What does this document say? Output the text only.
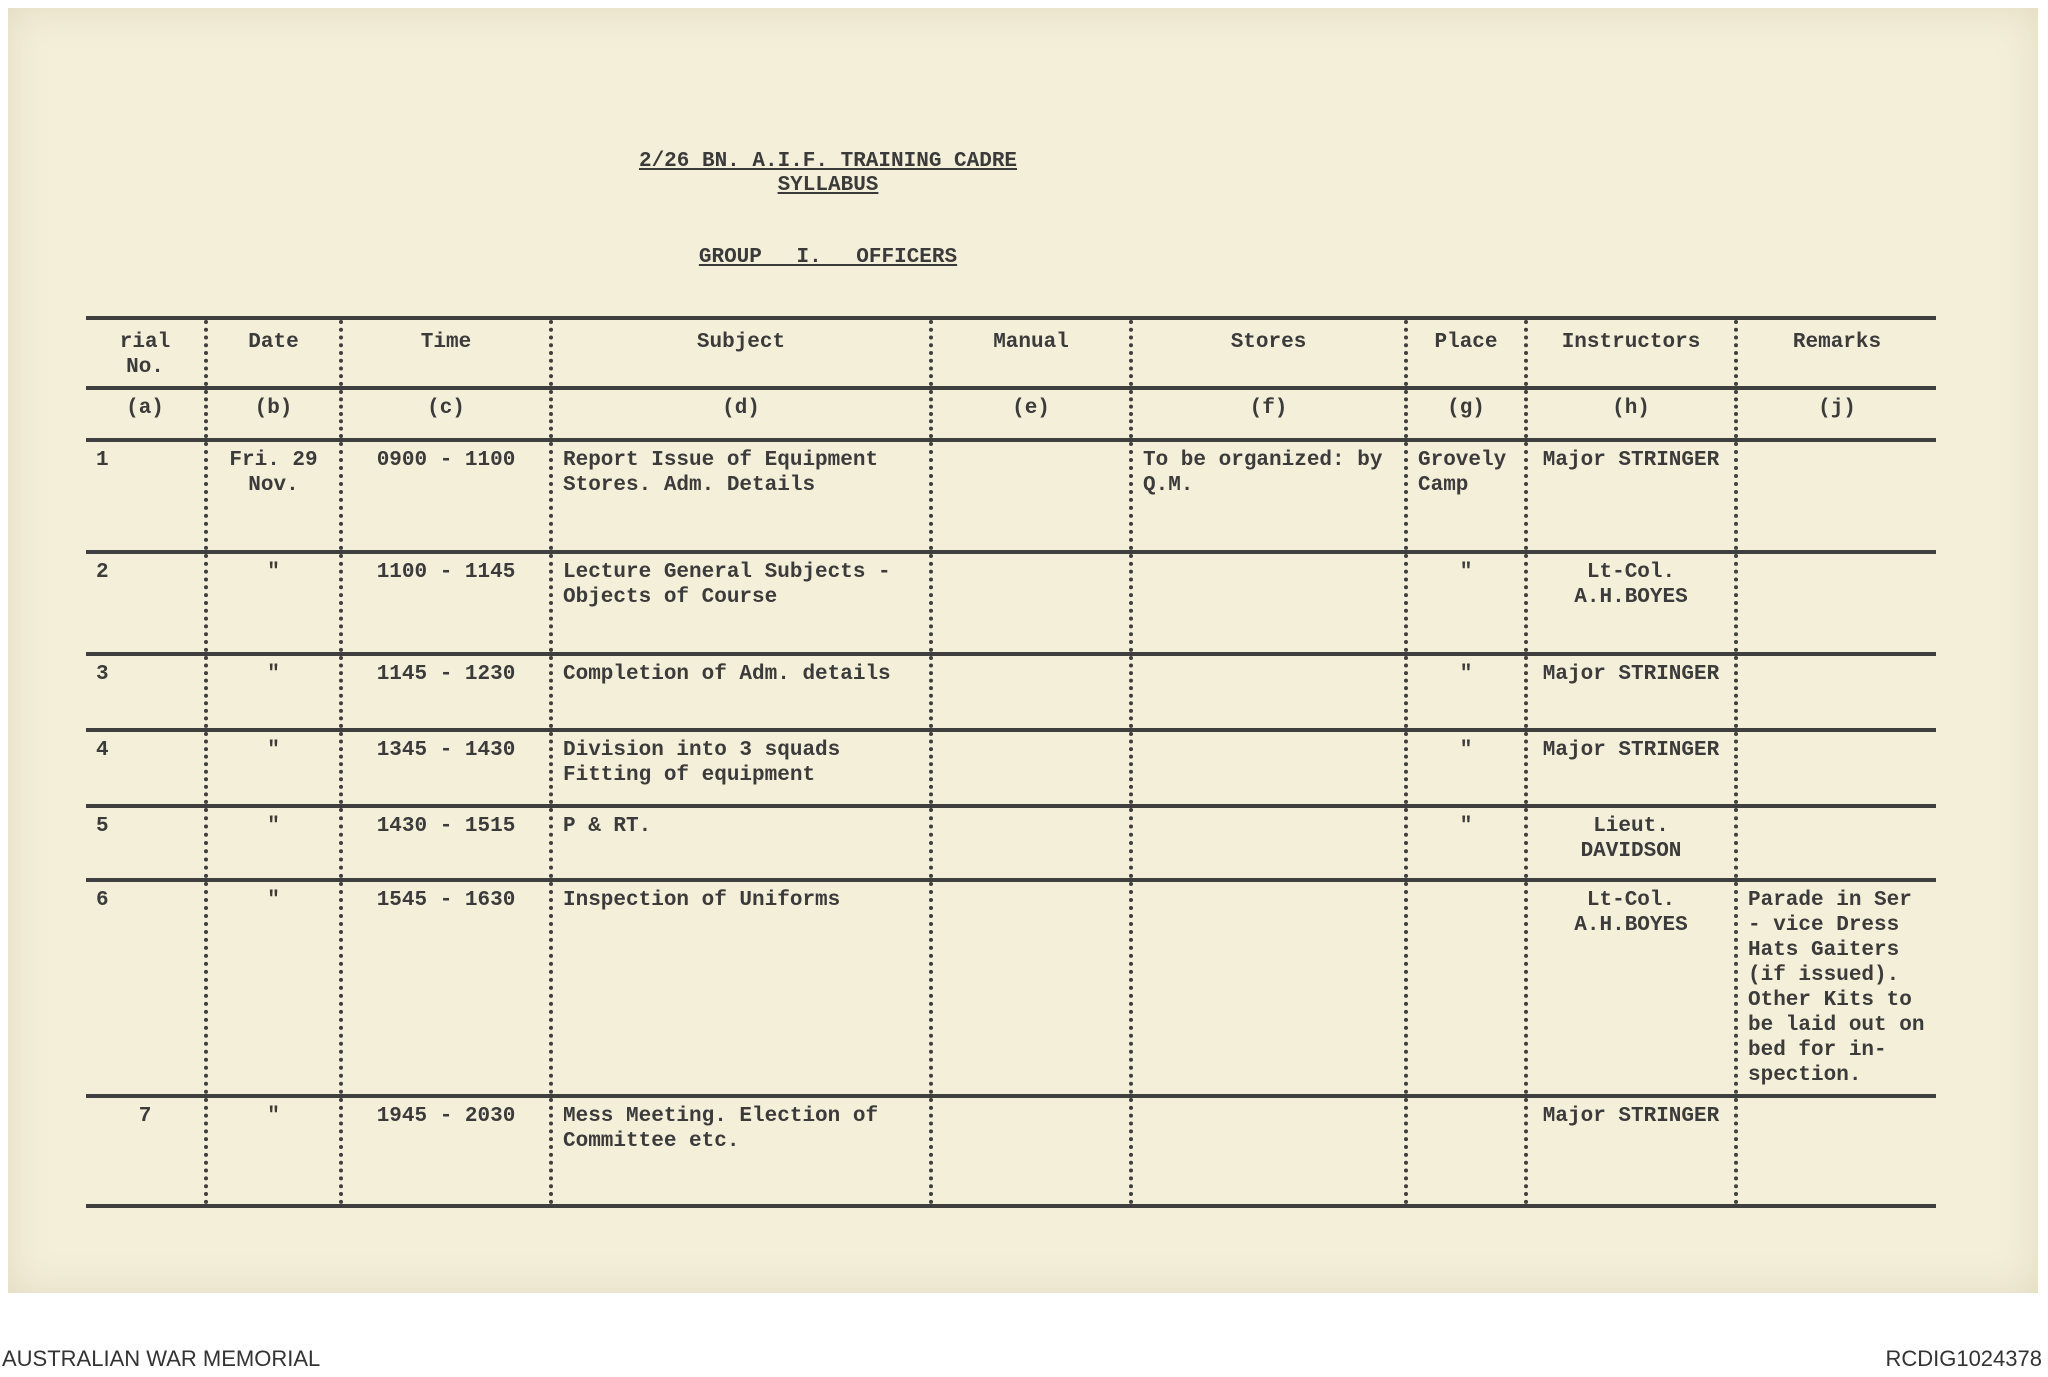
2/26 BN. A.I.F. TRAINING CADRE
SYLLABUS
GROUP I. OFFICERS
rial No.	Date	Time	Subject	Manual	Stores	Place	Instructors	Remarks
(a)	(b)	(c)	(d)	(e)	(f)	(g)	(h)	(j)
1	Fri. 29 Nov.	0900 - 1100	Report Issue of Equipment Stores. Adm. Details		To be organized: by Q.M.	Grovely Camp	Major STRINGER	
2	"	1100 - 1145	Lecture General Subjects - Objects of Course			"	Lt-Col. A.H.BOYES	
3	"	1145 - 1230	Completion of Adm. details			"	Major STRINGER	
4	"	1345 - 1430	Division into 3 squads Fitting of equipment			"	Major STRINGER	
5	"	1430 - 1515	P & RT.			"	Lieut. DAVIDSON	
6	"	1545 - 1630	Inspection of Uniforms				Lt-Col. A.H.BOYES	Parade in Ser - vice Dress Hats Gaiters (if issued). Other Kits to be laid out on bed for in- spection.
7	"	1945 - 2030	Mess Meeting. Election of Committee etc.				Major STRINGER	
AUSTRALIAN WAR MEMORIAL	RCDIG1024378
